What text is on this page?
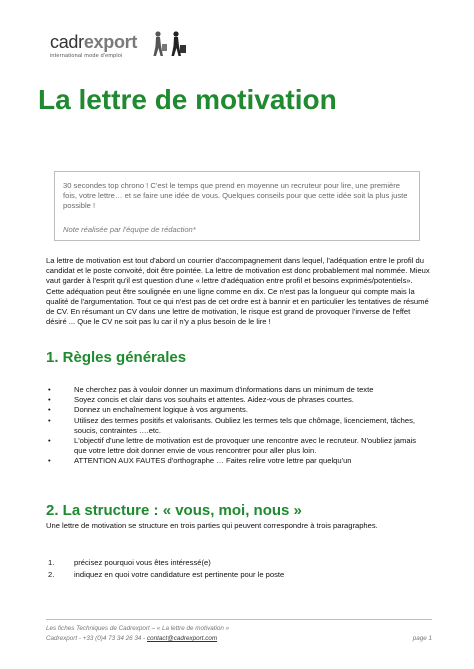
cadrexport
international mode d'emploi
La lettre de motivation
30 secondes top chrono ! C'est le temps que prend en moyenne un recruteur pour lire, une première fois, votre lettre… et se faire une idée de vous. Quelques conseils pour que cette idée soit la plus juste possible !
Note réalisée par l'équipe de rédaction*

La lettre de motivation est tout d'abord un courrier d'accompagnement dans lequel, l'adéquation entre le profil du candidat et le poste convoité, doit être pointée. La lettre de motivation est donc probablement mal nommée. Mieux vaut garder à l'esprit qu'il est question d'une « lettre d'adéquation entre profil et besoins exprimés/potentiels».

Cette adéquation peut être soulignée en une ligne comme en dix. Ce n'est pas la longueur qui compte mais la qualité de l'argumentation. Tout ce qui n'est pas de cet ordre est à bannir et en particulier les tentatives de résumé de CV. En résumant un CV dans une lettre de motivation, le risque est grand de provoquer l'inverse de l'effet désiré ... Que le CV ne soit pas lu car il n'y a plus besoin de le lire !

1. Règles générales
•	Ne cherchez pas à vouloir donner un maximum d'informations dans un minimum de texte
•	Soyez concis et clair dans vos souhaits et attentes. Aidez-vous de phrases courtes.
•	Donnez un enchaînement logique à vos arguments.
•	Utilisez des termes positifs et valorisants. Oubliez les termes tels que chômage, licenciement, tâches, soucis, contraintes ….etc.
•	L'objectif d'une lettre de motivation est de provoquer une rencontre avec le recruteur. N'oubliez jamais que votre lettre doit donner envie de vous rencontrer pour aller plus loin.
•	ATTENTION AUX FAUTES d'orthographe … Faites relire votre lettre par quelqu'un
2. La structure : « vous, moi, nous »
Une lettre de motivation se structure en trois parties qui peuvent correspondre à trois paragraphes.
1.	précisez pourquoi vous êtes intéressé(e)
2.	indiquez en quoi votre candidature est pertinente pour le poste
Les fiches Techniques de Cadrexport – « La lettre de motivation »
Cadrexport - +33 (0)4 73 34 26 34 - contact@cadrexport.com	page 1
